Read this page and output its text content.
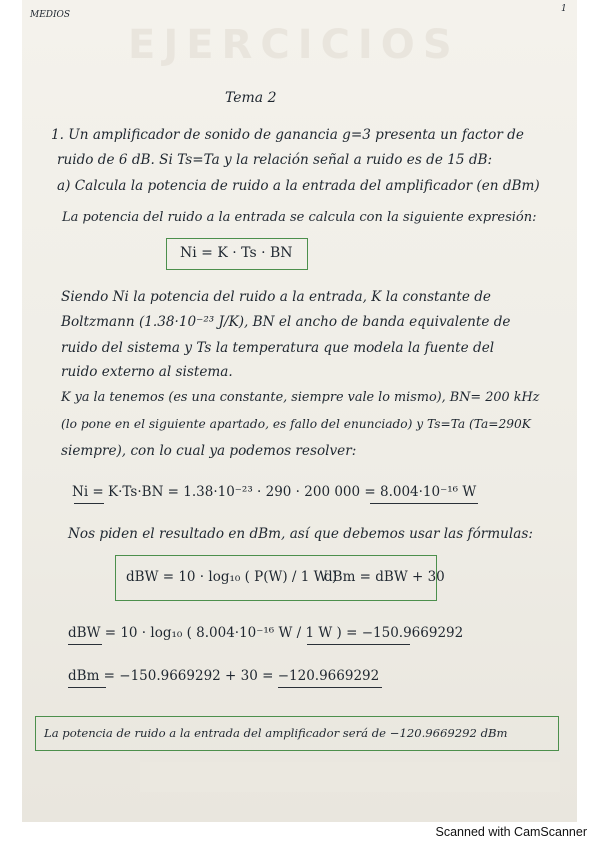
MEDIOS
1
EJERCICIOS
Tema 2
1. Un amplificador de sonido de ganancia g=3 presenta un factor de
ruido de 6 dB. Si Ts=Ta y la relación señal a ruido es de 15 dB:
a) Calcula la potencia de ruido a la entrada del amplificador (en dBm)
La potencia del ruido a la entrada se calcula con la siguiente expresión:
Ni = K · Ts · BN
Siendo Ni la potencia del ruido a la entrada, K la constante de
Boltzmann (1.38·10⁻²³ J/K), BN el ancho de banda equivalente de
ruido del sistema y Ts la temperatura que modela la fuente del
ruido externo al sistema.
K ya la tenemos (es una constante, siempre vale lo mismo), BN= 200 kHz
(lo pone en el siguiente apartado, es fallo del enunciado) y Ts=Ta (Ta=290K
siempre), con lo cual ya podemos resolver:
Ni = K·Ts·BN = 1.38·10⁻²³ · 290 · 200 000 = 8.004·10⁻¹⁶ W
Nos piden el resultado en dBm, así que debemos usar las fórmulas:
dBW = 10 · log₁₀ ( P(W) / 1 W )
dBm = dBW + 30
dBW = 10 · log₁₀ ( 8.004·10⁻¹⁶ W / 1 W ) = −150.9669292
dBm = −150.9669292 + 30 = −120.9669292
La potencia de ruido a la entrada del amplificador será de −120.9669292 dBm
Scanned with CamScanner
